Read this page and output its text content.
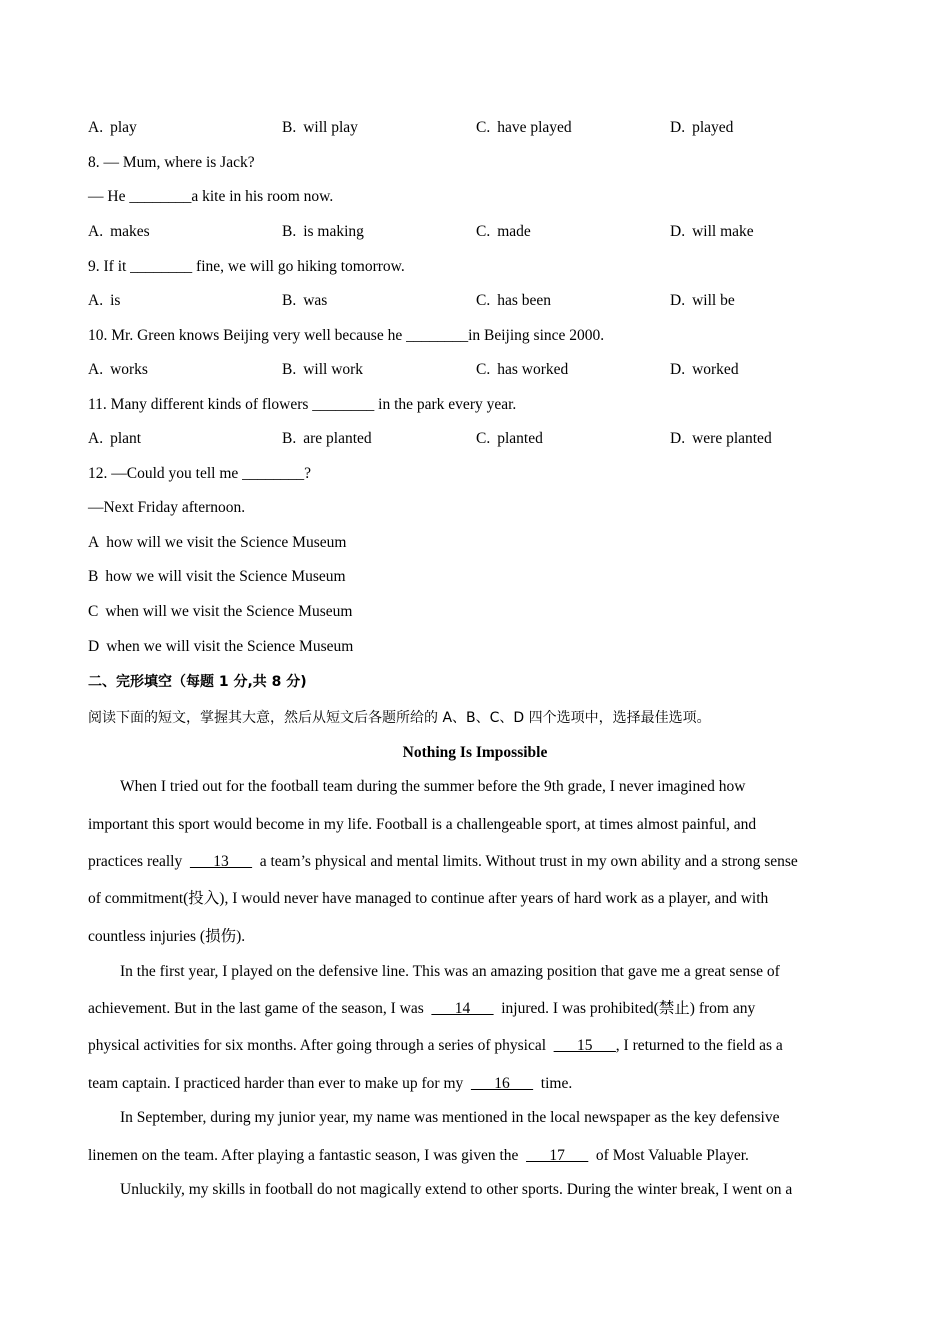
A . play	B . will play	C . have played	D . played
8. — Mum, where is Jack?
— He ________a kite in his room now.
A . makes	B . is making	C . made	D . will make
9. If it ________ fine, we will go hiking tomorrow.
A . is	B . was	C . has been	D . will be
10. Mr. Green knows Beijing very well because he ________in Beijing since 2000.
A . works	B . will work	C . has worked	D . worked
11. Many different kinds of flowers ________ in the park every year.
A . plant	B . are planted	C . planted	D . were planted
12. —Could you tell me ________?
—Next Friday afternoon.
A how will we visit the Science Museum
B how we will visit the Science Museum
C when will we visit the Science Museum
D when we will visit the Science Museum
二、完形填空（每题 1 分,共 8 分)
阅读下面的短文，掌握其大意，然后从短文后各题所给的 A、B、C、D 四个选项中，选择最佳选项。
Nothing Is Impossible
When I tried out for the football team during the summer before the 9th grade, I never imagined how
important this sport would become in my life. Football is a challengeable sport, at times almost painful, and
practices really ___13___ a team’s physical and mental limits. Without trust in my own ability and a strong sense
of commitment(投入), I would never have managed to continue after years of hard work as a player, and with
countless injuries (损伤).
In the first year, I played on the defensive line. This was an amazing position that gave me a great sense of
achievement. But in the last game of the season, I was ___14___ injured. I was prohibited(禁止) from any
physical activities for six months. After going through a series of physical ___15___, I returned to the field as a
team captain. I practiced harder than ever to make up for my ___16___ time.
In September, during my junior year, my name was mentioned in the local newspaper as the key defensive
linemen on the team. After playing a fantastic season, I was given the ___17___ of Most Valuable Player.
Unluckily, my skills in football do not magically extend to other sports. During the winter break, I went on a
